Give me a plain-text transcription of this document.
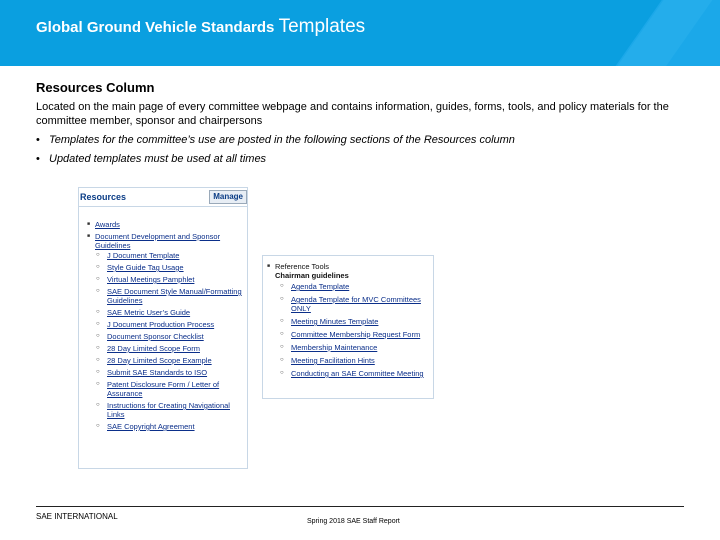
Global Ground Vehicle Standards Templates
Resources Column
Located on the main page of every committee webpage and contains information, guides, forms, tools, and policy materials for the committee member, sponsor and chairpersons
• Templates for the committee’s use are posted in the following sections of the Resources column
• Updated templates must be used at all times
Resources	Manage
■ Awards
■ Document Development and Sponsor Guidelines
○ J Document Template
○ Style Guide Tag Usage
○ Virtual Meetings Pamphlet
○ SAE Document Style Manual/Formatting Guidelines
○ SAE Metric User’s Guide
○ J Document Production Process
○ Document Sponsor Checklist
○ 28 Day Limited Scope Form
○ 28 Day Limited Scope Example
○ Submit SAE Standards to ISO
○ Patent Disclosure Form / Letter of Assurance
○ Instructions for Creating Navigational Links
○ SAE Copyright Agreement
■ Reference Tools
Chairman guidelines
○ Agenda Template
○ Agenda Template for MVC Committees ONLY
○ Meeting Minutes Template
○ Committee Membership Request Form
○ Membership Maintenance
○ Meeting Facilitation Hints
○ Conducting an SAE Committee Meeting
SAE INTERNATIONAL
Spring 2018 SAE Staff Report
